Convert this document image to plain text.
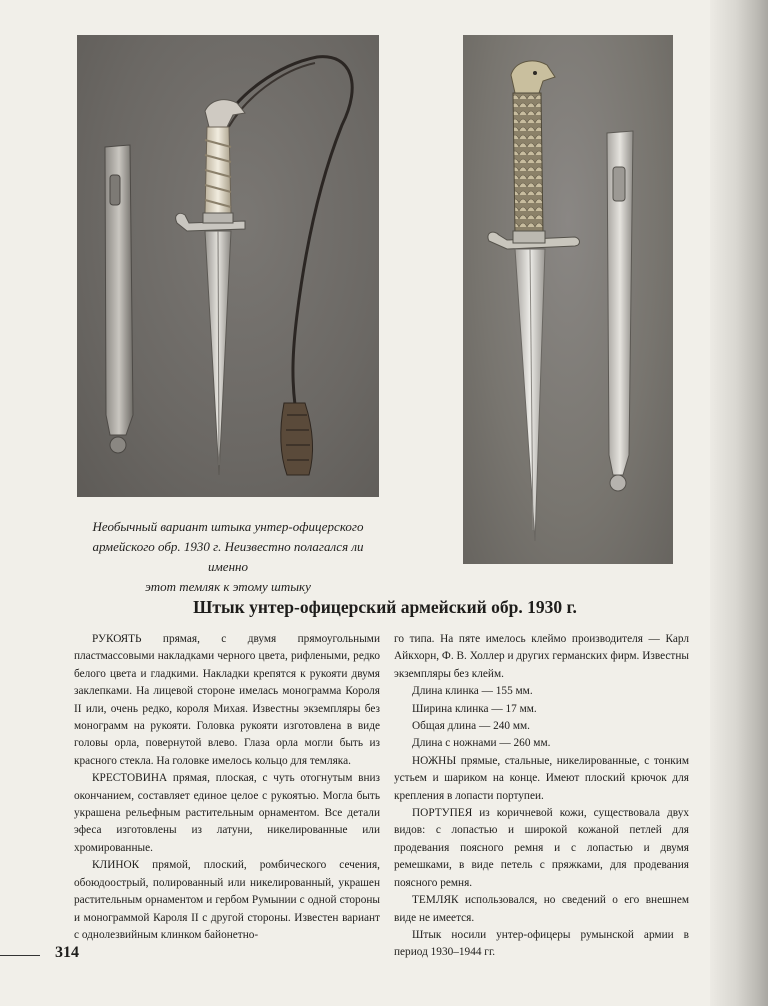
Необычный вариант штыка унтер-офицерского
армейского обр. 1930 г. Неизвестно полагался ли именно
этот темляк к этому штыку
Штык унтер-офицерский армейский обр. 1930 г.

РУКОЯТЬ прямая, с двумя прямоугольными пластмассовыми накладками черного цвета, рифлеными, редко белого цвета и гладкими. Накладки крепятся к рукояти двумя заклепками. На лицевой стороне имелась монограмма Короля II или, очень редко, короля Михая. Известны экземпляры без монограмм на рукояти. Головка рукояти изготовлена в виде головы орла, повернутой влево. Глаза орла могли быть из красного стекла. На головке имелось кольцо для темляка.

КРЕСТОВИНА прямая, плоская, с чуть отогнутым вниз окончанием, составляет единое целое с рукоятью. Могла быть украшена рельефным растительным орнаментом. Все детали эфеса изготовлены из латуни, никелированные или хромированные.

КЛИНОК прямой, плоский, ромбического сечения, обоюдоострый, полированный или никелированный, украшен растительным орнаментом и гербом Румынии с одной стороны и монограммой Кароля II с другой стороны. Известен вариант с однолезвийным клинком байонетно-

го типа. На пяте имелось клеймо производителя — Карл Айкхорн, Ф. В. Холлер и других германских фирм. Известны экземпляры без клейм.

Длина клинка — 155 мм.

Ширина клинка — 17 мм.

Общая длина — 240 мм.

Длина с ножнами — 260 мм.

НОЖНЫ прямые, стальные, никелированные, с тонким устьем и шариком на конце. Имеют плоский крючок для крепления в лопасти портупеи.

ПОРТУПЕЯ из коричневой кожи, существовала двух видов: с лопастью и широкой кожаной петлей для продевания поясного ремня и с лопастью и двумя ремешками, в виде петель с пряжками, для продевания поясного ремня.

ТЕМЛЯК использовался, но сведений о его внешнем виде не имеется.

Штык носили унтер-офицеры румынской армии в период 1930–1944 гг.

314
